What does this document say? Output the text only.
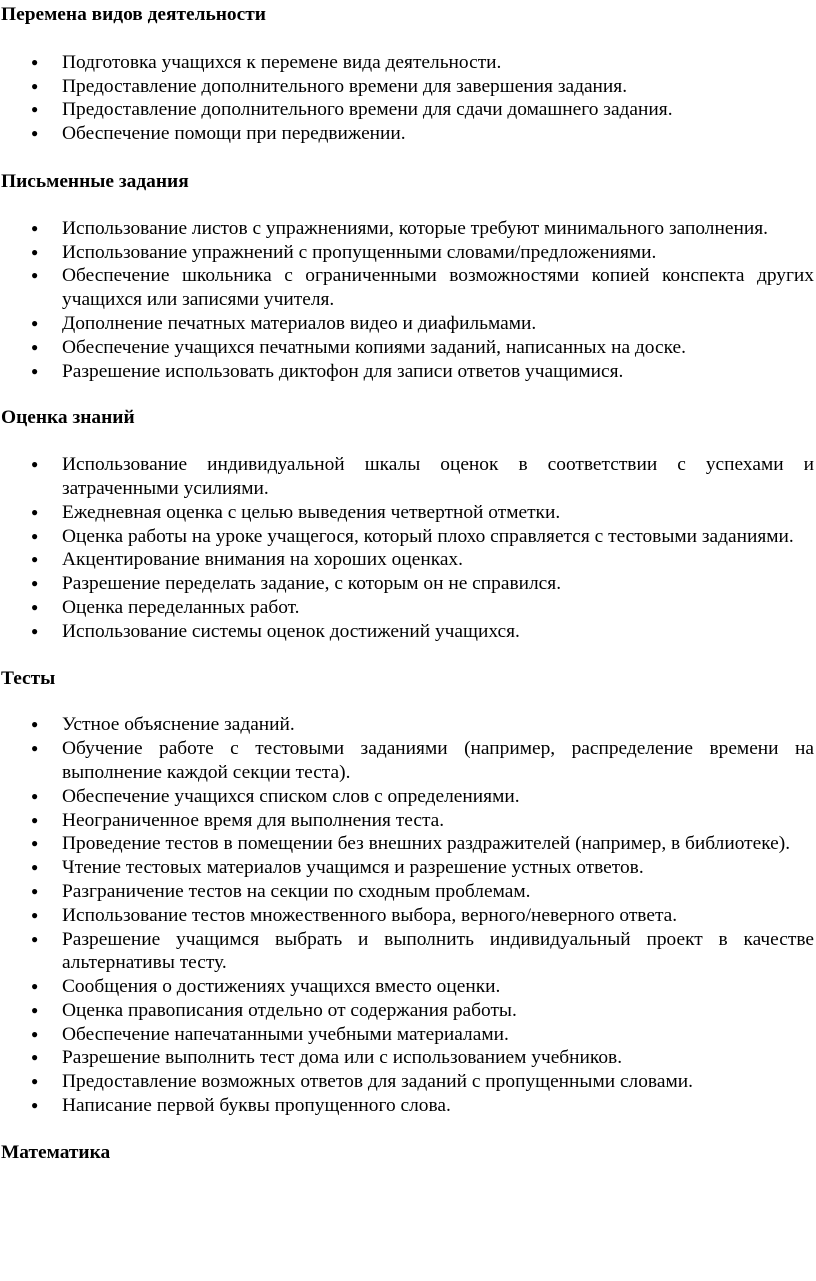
Перемена видов деятельности
● Подготовка учащихся к перемене вида деятельности.
● Предоставление дополнительного времени для завершения задания.
● Предоставление дополнительного времени для сдачи домашнего задания.
● Обеспечение помощи при передвижении.
Письменные задания
● Использование листов с упражнениями, которые требуют минимального заполнения.
● Использование упражнений с пропущенными словами/предложениями.
● Обеспечение школьника с ограниченными возможностями копией конспекта других учащихся или записями учителя.
● Дополнение печатных материалов видео и диафильмами.
● Обеспечение учащихся печатными копиями заданий, написанных на доске.
● Разрешение использовать диктофон для записи ответов учащимися.
Оценка знаний
● Использование индивидуальной шкалы оценок в соответствии с успехами и затраченными усилиями.
● Ежедневная оценка с целью выведения четвертной отметки.
● Оценка работы на уроке учащегося, который плохо справляется с тестовыми заданиями.
● Акцентирование внимания на хороших оценках.
● Разрешение переделать задание, с которым он не справился.
● Оценка переделанных работ.
● Использование системы оценок достижений учащихся.
Тесты
● Устное объяснение заданий.
● Обучение работе с тестовыми заданиями (например, распределение времени на выполнение каждой секции теста).
● Обеспечение учащихся списком слов с определениями.
● Неограниченное время для выполнения теста.
● Проведение тестов в помещении без внешних раздражителей (например, в библиотеке).
● Чтение тестовых материалов учащимся и разрешение устных ответов.
● Разграничение тестов на секции по сходным проблемам.
● Использование тестов множественного выбора, верного/неверного ответа.
● Разрешение учащимся выбрать и выполнить индивидуальный проект в качестве альтернативы тесту.
● Сообщения о достижениях учащихся вместо оценки.
● Оценка правописания отдельно от содержания работы.
● Обеспечение напечатанными учебными материалами.
● Разрешение выполнить тест дома или с использованием учебников.
● Предоставление возможных ответов для заданий с пропущенными словами.
● Написание первой буквы пропущенного слова.
Математика
